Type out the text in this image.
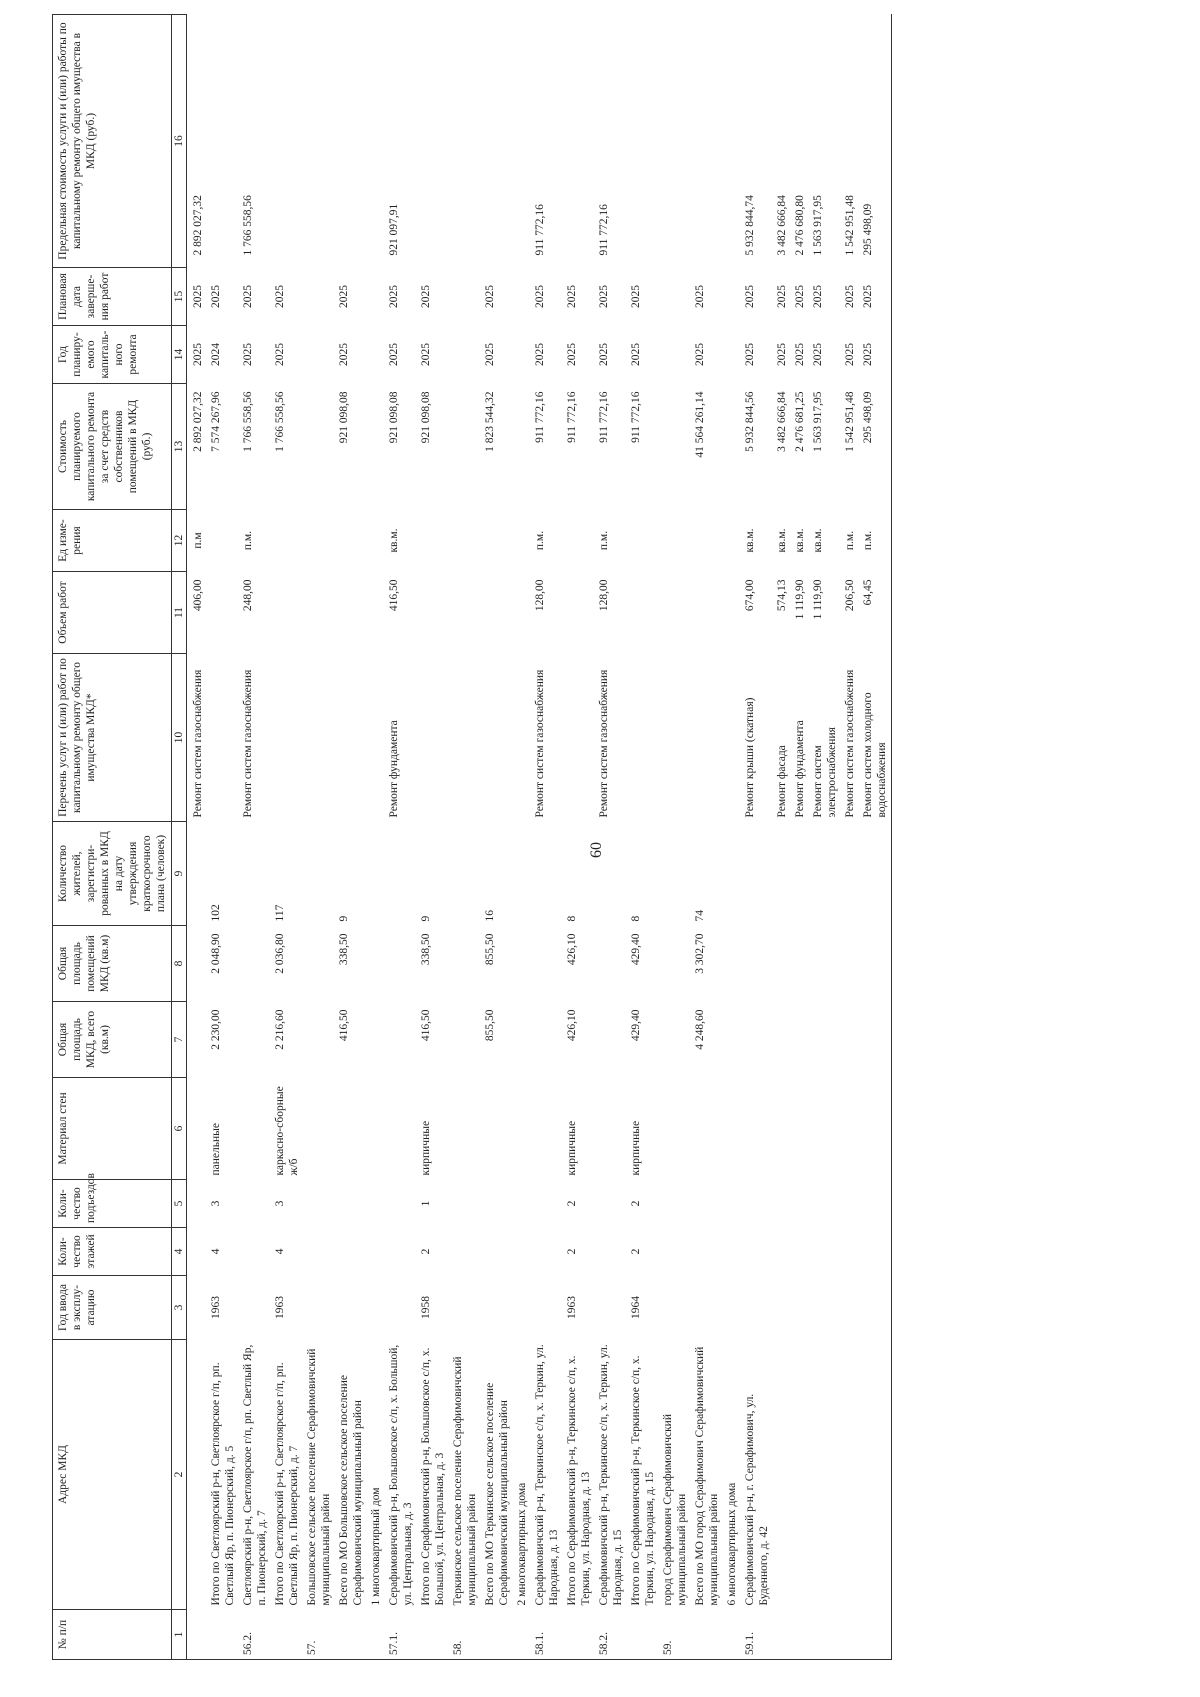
60
№ п/п	Адрес МКД	Год ввода в эксплу-атацию	Коли-чество этажей	Коли-чество подъездов	Материал стен	Общая площадь МКД, всего (кв.м)	Общая площадь помещений МКД (кв.м)	Количество жителей, зарегистри-рованных в МКД на дату утверждения краткосрочного плана (человек)	Перечень услуг и (или) работ по капитальному ремонту общего имущества МКД*	Объем работ	Ед изме-рения	Стоимость планируемого капитального ремонта за счет средств собственников помещений в МКД (руб.)	Год планиру-емого капиталь-ного ремонта	Плановая дата заверше-ния работ	Предельная стоимость услуги и (или) работы по капитальному ремонту общего имущества в МКД (руб.)
1	2	3	4	5	6	7	8	9	10	11	12	13	14	15	16
									Ремонт систем газоснабжения	406,00	п.м	2 892 027,32	2025	2025	2 892 027,32
	Итого по Светлоярский р-н, Светлоярское г/п, рп. Светлый Яр, п. Пионерский, д. 5	1963	4	3	панельные	2 230,00	2 048,90	102				7 574 267,96	2024	2025	
56.2.	Светлоярский р-н, Светлоярское г/п, рп. Светлый Яр, п. Пионерский, д. 7								Ремонт систем газоснабжения	248,00	п.м.	1 766 558,56	2025	2025	1 766 558,56
	Итого по Светлоярский р-н, Светлоярское г/п, рп. Светлый Яр, п. Пионерский, д. 7	1963	4	3	каркасно-сборные ж/б	2 216,60	2 036,80	117				1 766 558,56	2025	2025	
57.	Большовское сельское поселение Серафимовичский муниципальный район														
	Всего по МО Большовское сельское поселение Серафимовичский муниципальный район					416,50	338,50	9				921 098,08	2025	2025	
	1 многоквартирный дом														
57.1.	Серафимовичский р-н, Большовское с/п, х. Большой, ул. Центральная, д. 3								Ремонт фундамента	416,50	кв.м.	921 098,08	2025	2025	921 097,91
	Итого по Серафимовичский р-н, Большовское с/п, х. Большой, ул. Центральная, д. 3	1958	2	1	кирпичные	416,50	338,50	9				921 098,08	2025	2025	
58.	Теркинское сельское поселение Серафимовичский муниципальный район														
	Всего по МО Теркинское сельское поселение Серафимовичский муниципальный район					855,50	855,50	16				1 823 544,32	2025	2025	
	2 многоквартирных дома														
58.1.	Серафимовичский р-н, Теркинское с/п, х. Теркин, ул. Народная, д. 13								Ремонт систем газоснабжения	128,00	п.м.	911 772,16	2025	2025	911 772,16
	Итого по Серафимовичский р-н, Теркинское с/п, х. Теркин, ул. Народная, д. 13	1963	2	2	кирпичные	426,10	426,10	8				911 772,16	2025	2025	
58.2.	Серафимовичский р-н, Теркинское с/п, х. Теркин, ул. Народная, д. 15								Ремонт систем газоснабжения	128,00	п.м.	911 772,16	2025	2025	911 772,16
	Итого по Серафимовичский р-н, Теркинское с/п, х. Теркин, ул. Народная, д. 15	1964	2	2	кирпичные	429,40	429,40	8				911 772,16	2025	2025	
59.	город Серафимович Серафимовичский муниципальный район														
	Всего по МО город Серафимович Серафимовичский муниципальный район					4 248,60	3 302,70	74				41 564 261,14	2025	2025	
	6 многоквартирных дома														
59.1.	Серафимовичский р-н, г. Серафимович, ул. Буденного, д. 42								Ремонт крыши (скатная)	674,00	кв.м.	5 932 844,56	2025	2025	5 932 844,74
									Ремонт фасада	574,13	кв.м.	3 482 666,84	2025	2025	3 482 666,84
									Ремонт фундамента	1 119,90	кв.м.	2 476 681,25	2025	2025	2 476 680,80
									Ремонт систем электроснабжения	1 119,90	кв.м.	1 563 917,95	2025	2025	1 563 917,95
									Ремонт систем газоснабжения	206,50	п.м.	1 542 951,48	2025	2025	1 542 951,48
									Ремонт систем холодного водоснабжения	64,45	п.м.	295 498,09	2025	2025	295 498,09
